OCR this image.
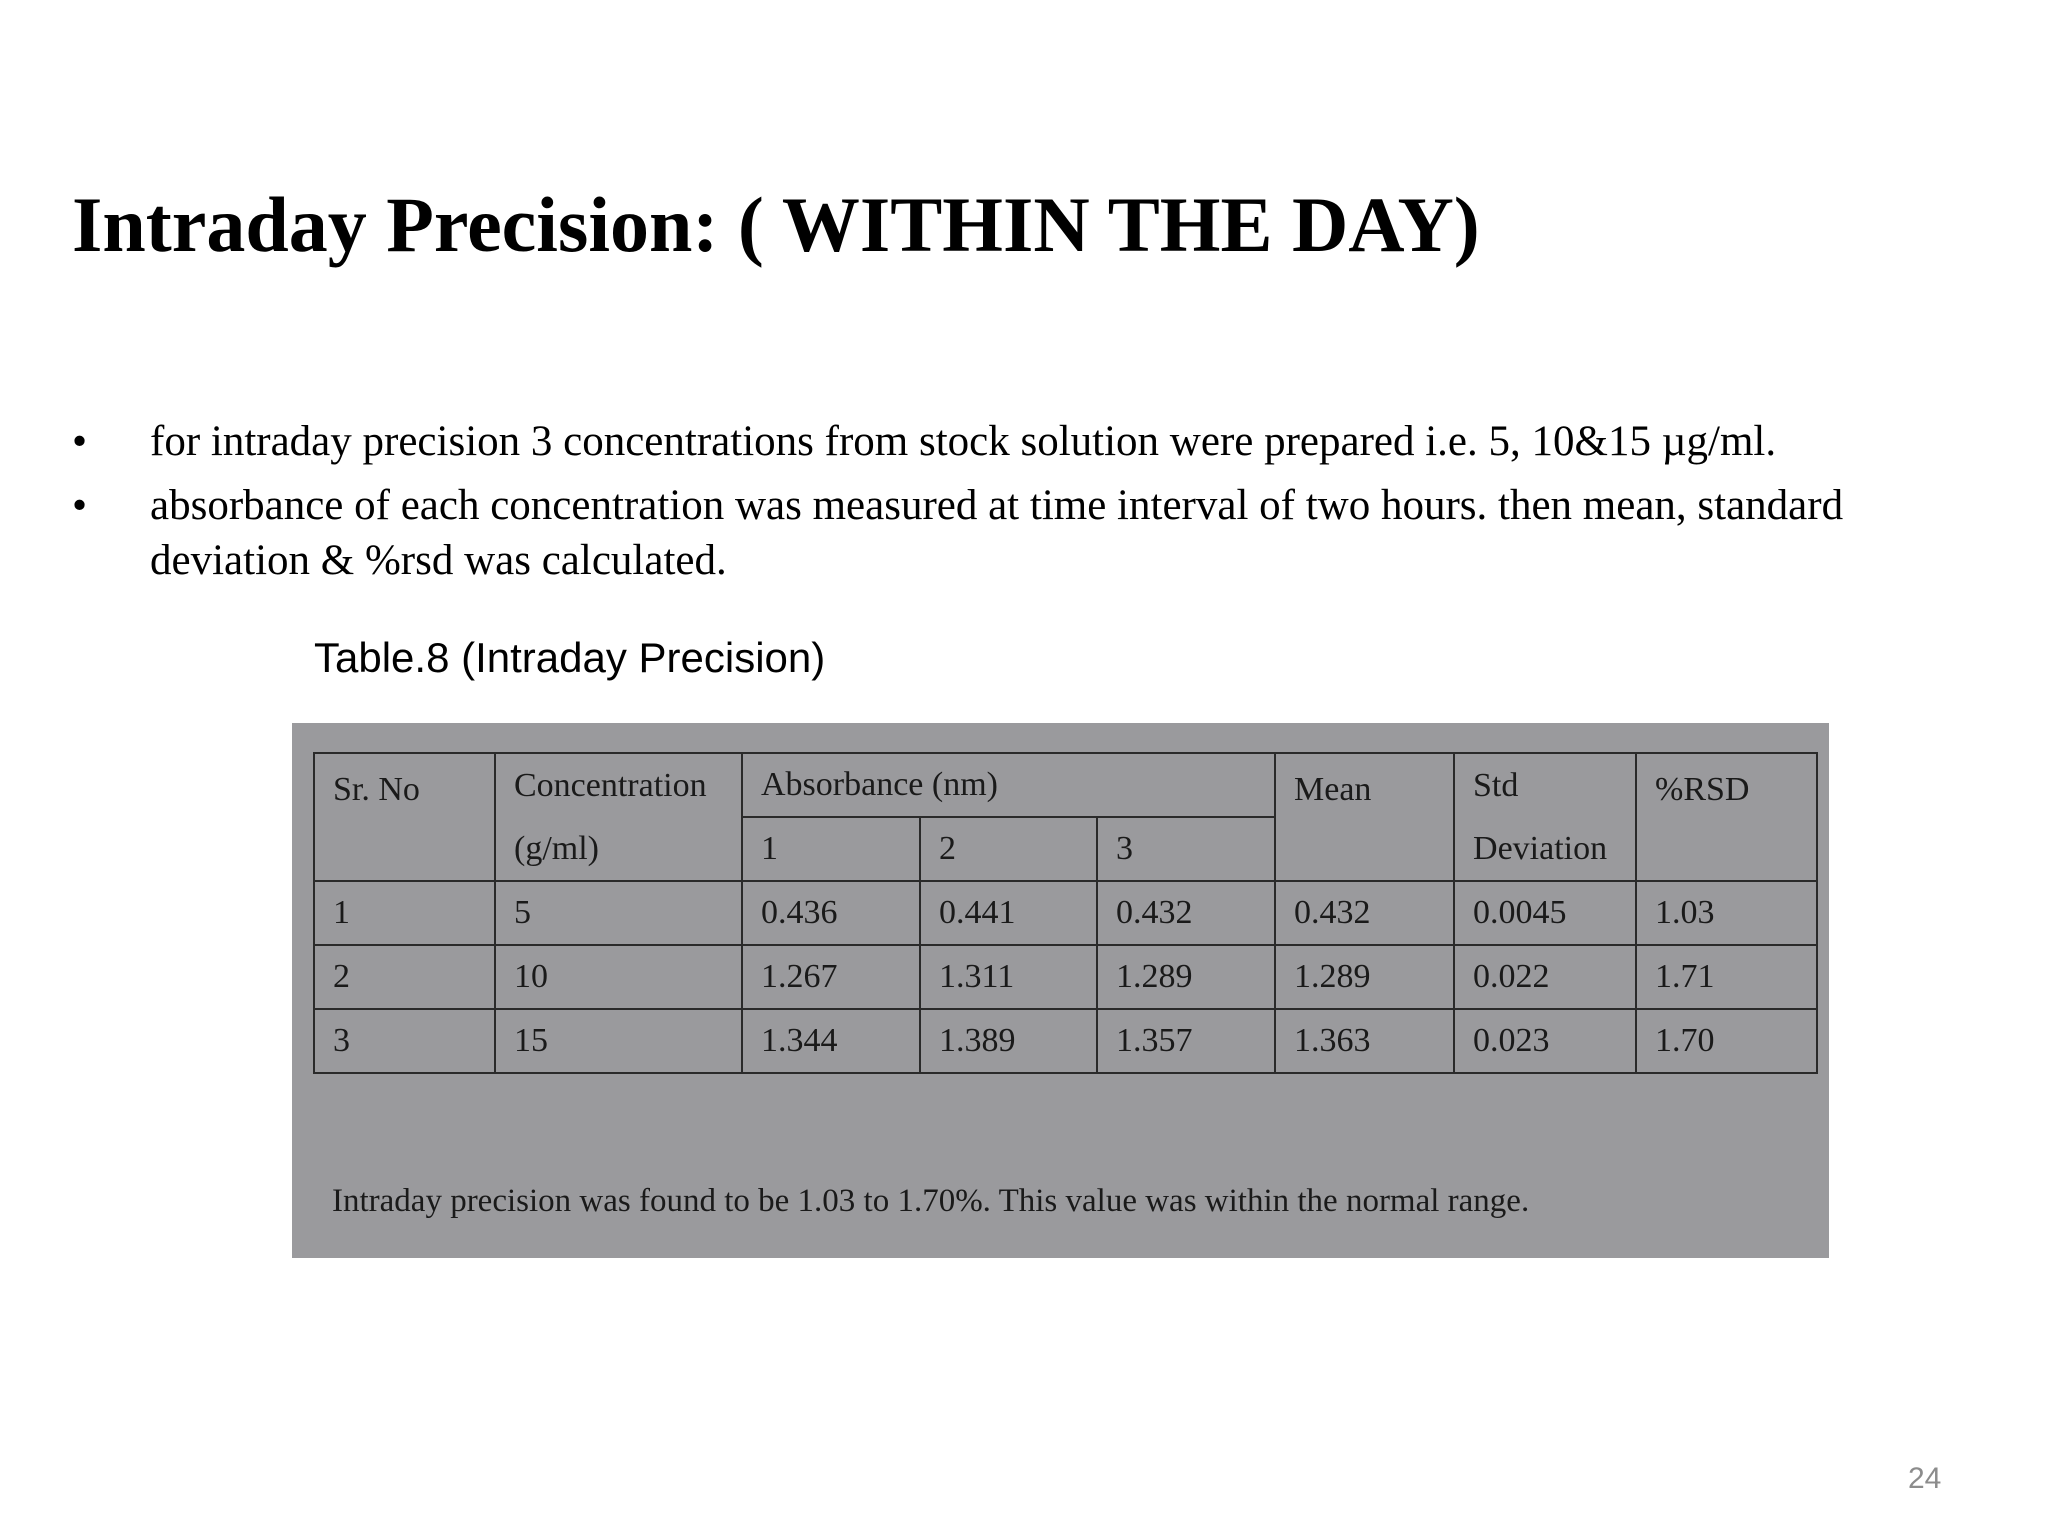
Intraday Precision: ( WITHIN THE DAY)
• for intraday precision 3 concentrations from stock solution were prepared i.e. 5, 10&15 µg/ml.
• absorbance of each concentration was measured at time interval of two hours. then mean, standard deviation & %rsd was calculated.
Table.8 (Intraday Precision)
Sr. No	Concentration	Absorbance (nm)			Mean	Std	%RSD
	(g/ml)	1	2	3		Deviation	
1	5	0.436	0.441	0.432	0.432	0.0045	1.03
2	10	1.267	1.311	1.289	1.289	0.022	1.71
3	15	1.344	1.389	1.357	1.363	0.023	1.70
Intraday precision was found to be 1.03 to 1.70%. This value was within the normal range.
24
